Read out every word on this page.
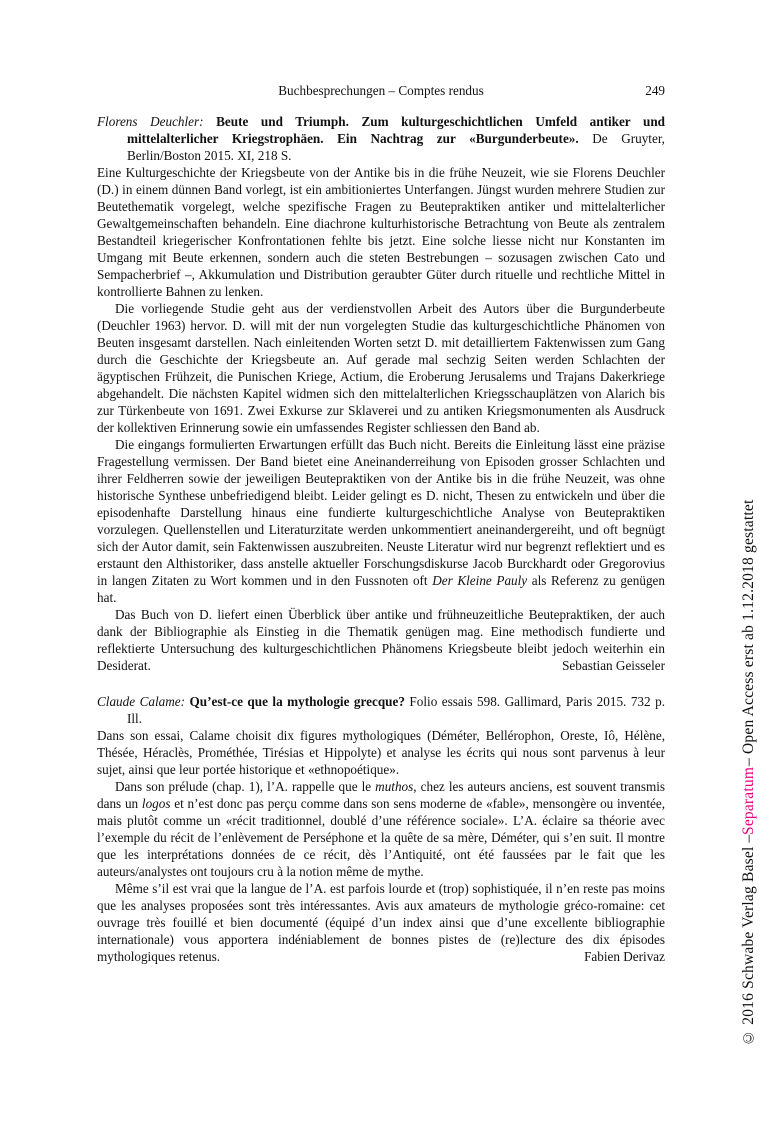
Buchbesprechungen – Comptes rendus	249
Florens Deuchler: Beute und Triumph. Zum kulturgeschichtlichen Umfeld antiker und mittelalterlicher Kriegstrophäen. Ein Nachtrag zur «Burgunderbeute». De Gruyter, Berlin/Boston 2015. XI, 218 S.

Eine Kulturgeschichte der Kriegsbeute von der Antike bis in die frühe Neuzeit, wie sie Florens Deuchler (D.) in einem dünnen Band vorlegt, ist ein ambitioniertes Unterfangen. Jüngst wurden mehrere Studien zur Beutethematik vorgelegt, welche spezifische Fragen zu Beutepraktiken antiker und mittelalterlicher Gewaltgemeinschaften behandeln. Eine diachrone kulturhistorische Betrachtung von Beute als zentralem Bestandteil kriegerischer Konfrontationen fehlte bis jetzt. Eine solche liesse nicht nur Konstanten im Umgang mit Beute erkennen, sondern auch die steten Bestrebungen – sozusagen zwischen Cato und Sempacherbrief –, Akkumulation und Distribution geraubter Güter durch rituelle und rechtliche Mittel in kontrollierte Bahnen zu lenken.

Die vorliegende Studie geht aus der verdienstvollen Arbeit des Autors über die Burgunderbeute (Deuchler 1963) hervor. D. will mit der nun vorgelegten Studie das kulturgeschichtliche Phänomen von Beuten insgesamt darstellen. Nach einleitenden Worten setzt D. mit detailliertem Faktenwissen zum Gang durch die Geschichte der Kriegsbeute an. Auf gerade mal sechzig Seiten werden Schlachten der ägyptischen Frühzeit, die Punischen Kriege, Actium, die Eroberung Jerusalems und Trajans Dakerkriege abgehandelt. Die nächsten Kapitel widmen sich den mittelalterlichen Kriegsschauplätzen von Alarich bis zur Türkenbeute von 1691. Zwei Exkurse zur Sklaverei und zu antiken Kriegsmonumenten als Ausdruck der kollektiven Erinnerung sowie ein umfassendes Register schliessen den Band ab.

Die eingangs formulierten Erwartungen erfüllt das Buch nicht. Bereits die Einleitung lässt eine präzise Fragestellung vermissen. Der Band bietet eine Aneinanderreihung von Episoden grosser Schlachten und ihrer Feldherren sowie der jeweiligen Beutepraktiken von der Antike bis in die frühe Neuzeit, was ohne historische Synthese unbefriedigend bleibt. Leider gelingt es D. nicht, Thesen zu entwickeln und über die episodenhafte Darstellung hinaus eine fundierte kulturgeschichtliche Analyse von Beutepraktiken vorzulegen. Quellenstellen und Literaturzitate werden unkommentiert aneinandergereiht, und oft begnügt sich der Autor damit, sein Faktenwissen auszubreiten. Neuste Literatur wird nur begrenzt reflektiert und es erstaunt den Althistoriker, dass anstelle aktueller Forschungsdiskurse Jacob Burckhardt oder Gregorovius in langen Zitaten zu Wort kommen und in den Fussnoten oft Der Kleine Pauly als Referenz zu genügen hat.

Das Buch von D. liefert einen Überblick über antike und frühneuzeitliche Beutepraktiken, der auch dank der Bibliographie als Einstieg in die Thematik genügen mag. Eine methodisch fundierte und reflektierte Untersuchung des kulturgeschichtlichen Phänomens Kriegsbeute bleibt jedoch weiterhin ein Desiderat.	Sebastian Geisseler

Claude Calame: Qu’est-ce que la mythologie grecque? Folio essais 598. Gallimard, Paris 2015. 732 p. Ill.

Dans son essai, Calame choisit dix figures mythologiques (Déméter, Bellérophon, Oreste, Iô, Hélène, Thésée, Héraclès, Prométhée, Tirésias et Hippolyte) et analyse les écrits qui nous sont parvenus à leur sujet, ainsi que leur portée historique et «ethnopoétique».

Dans son prélude (chap. 1), l’A. rappelle que le muthos, chez les auteurs anciens, est souvent transmis dans un logos et n’est donc pas perçu comme dans son sens moderne de «fable», mensongère ou inventée, mais plutôt comme un «récit traditionnel, doublé d’une référence sociale». L’A. éclaire sa théorie avec l’exemple du récit de l’enlèvement de Perséphone et la quête de sa mère, Déméter, qui s’en suit. Il montre que les interprétations données de ce récit, dès l’Antiquité, ont été faussées par le fait que les auteurs/analystes ont toujours cru à la notion même de mythe.

Même s’il est vrai que la langue de l’A. est parfois lourde et (trop) sophistiquée, il n’en reste pas moins que les analyses proposées sont très intéressantes. Avis aux amateurs de mythologie gréco-romaine: cet ouvrage très fouillé et bien documenté (équipé d’un index ainsi que d’une excellente bibliographie internationale) vous apportera indéniablement de bonnes pistes de (re)lecture des dix épisodes mythologiques retenus.	Fabien Derivaz	© 2016 Schwabe Verlag Basel –
Separatum
– Open Access erst ab 1.12.2018 gestattet
